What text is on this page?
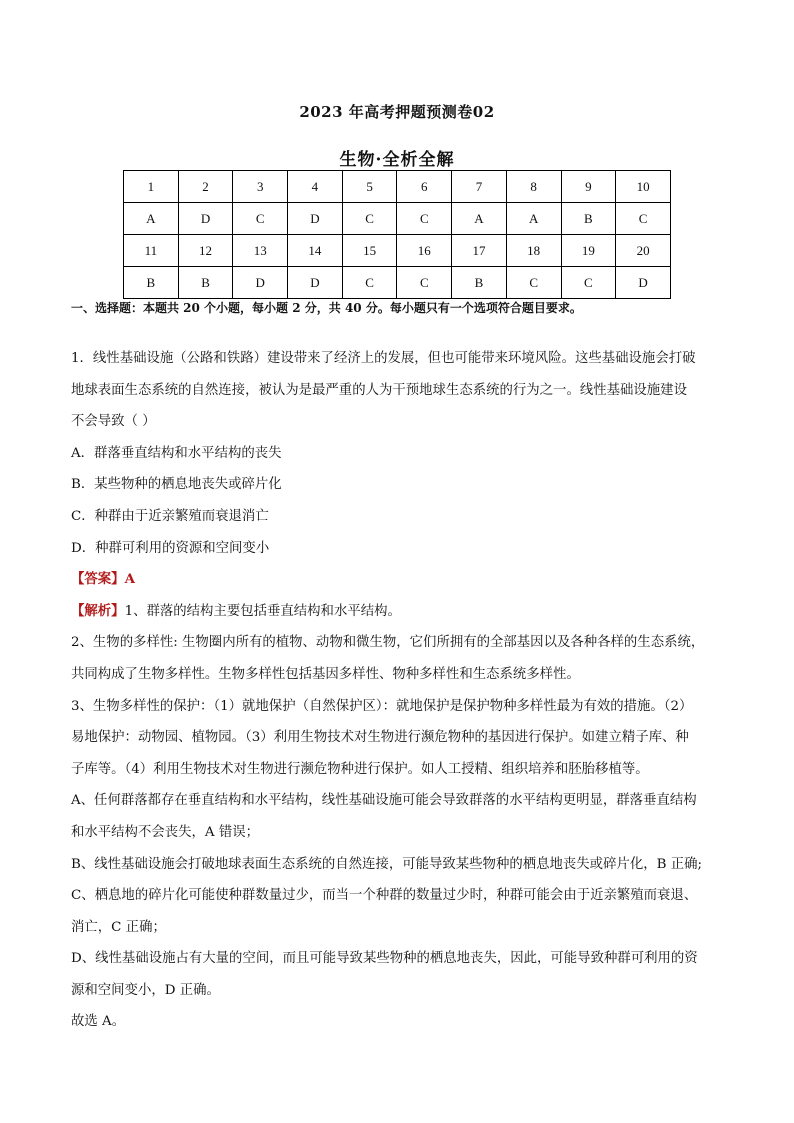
2023 年高考押题预测卷02
生物·全析全解
1	2	3	4	5	6	7	8	9	10
A	D	C	D	C	C	A	A	B	C
11	12	13	14	15	16	17	18	19	20
B	B	D	D	C	C	B	C	C	D
一、选择题：本题共 20 个小题，每小题 2 分，共 40 分。每小题只有一个选项符合题目要求。

1．线性基础设施（公路和铁路）建设带来了经济上的发展，但也可能带来环境风险。这些基础设施会打破

地球表面生态系统的自然连接，被认为是最严重的人为干预地球生态系统的行为之一。线性基础设施建设

不会导致（ ）

A．群落垂直结构和水平结构的丧失

B．某些物种的栖息地丧失或碎片化

C．种群由于近亲繁殖而衰退消亡

D．种群可利用的资源和空间变小

【答案】A

【解析】1、群落的结构主要包括垂直结构和水平结构。

2、生物的多样性: 生物圈内所有的植物、动物和微生物，它们所拥有的全部基因以及各种各样的生态系统，

共同构成了生物多样性。生物多样性包括基因多样性、物种多样性和生态系统多样性。

3、生物多样性的保护：（1）就地保护（自然保护区）：就地保护是保护物种多样性最为有效的措施。（2）

易地保护：动物园、植物园。（3）利用生物技术对生物进行濒危物种的基因进行保护。如建立精子库、种

子库等。（4）利用生物技术对生物进行濒危物种进行保护。如人工授精、组织培养和胚胎移植等。

A、任何群落都存在垂直结构和水平结构，线性基础设施可能会导致群落的水平结构更明显，群落垂直结构

和水平结构不会丧失，A 错误；

B、线性基础设施会打破地球表面生态系统的自然连接，可能导致某些物种的栖息地丧失或碎片化，B 正确;

C、栖息地的碎片化可能使种群数量过少，而当一个种群的数量过少时，种群可能会由于近亲繁殖而衰退、

消亡，C 正确；

D、线性基础设施占有大量的空间，而且可能导致某些物种的栖息地丧失，因此，可能导致种群可利用的资

源和空间变小，D 正确。

故选 A。
